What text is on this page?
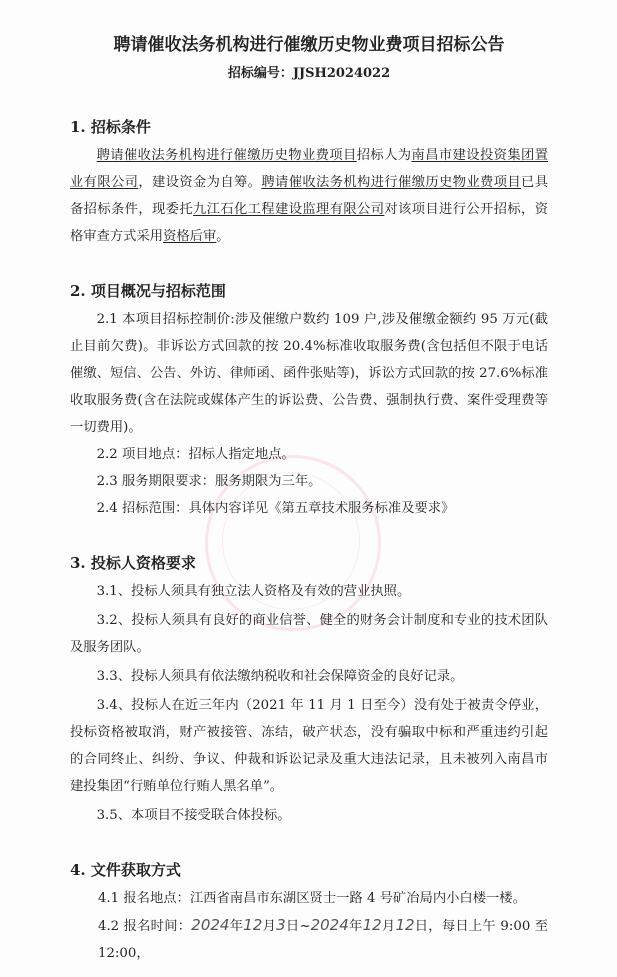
聘请催收法务机构进行催缴历史物业费项目招标公告
招标编号：JJSH2024022
1. 招标条件

聘请催收法务机构进行催缴历史物业费项目招标人为南昌市建设投资集团置业有限公司，建设资金为自筹。聘请催收法务机构进行催缴历史物业费项目已具备招标条件，现委托九江石化工程建设监理有限公司对该项目进行公开招标，资格审查方式采用资格后审。

2. 项目概况与招标范围

2.1 本项目招标控制价:涉及催缴户数约 109 户,涉及催缴金额约 95 万元(截止目前欠费)。非诉讼方式回款的按 20.4%标准收取服务费(含包括但不限于电话催缴、短信、公告、外访、律师函、函件张贴等)，诉讼方式回款的按 27.6%标准收取服务费(含在法院或媒体产生的诉讼费、公告费、强制执行费、案件受理费等一切费用)。

2.2 项目地点：招标人指定地点。

2.3 服务期限要求：服务期限为三年。

2.4 招标范围：具体内容详见《第五章技术服务标准及要求》

3. 投标人资格要求

3.1、投标人须具有独立法人资格及有效的营业执照。

3.2、投标人须具有良好的商业信誉、健全的财务会计制度和专业的技术团队及服务团队。

3.3、投标人须具有依法缴纳税收和社会保障资金的良好记录。

3.4、投标人在近三年内（2021 年 11 月 1 日至今）没有处于被责令停业，投标资格被取消，财产被接管、冻结，破产状态，没有骗取中标和严重违约引起的合同终止、纠纷、争议、仲裁和诉讼记录及重大违法记录，且未被列入南昌市建投集团“行贿单位行贿人黑名单”。

3.5、本项目不接受联合体投标。

4. 文件获取方式

4.1 报名地点：江西省南昌市东湖区贤士一路 4 号矿冶局内小白楼一楼。

4.2 报名时间：2024年12月3日~2024年12月12日，每日上午 9:00 至 12:00，
